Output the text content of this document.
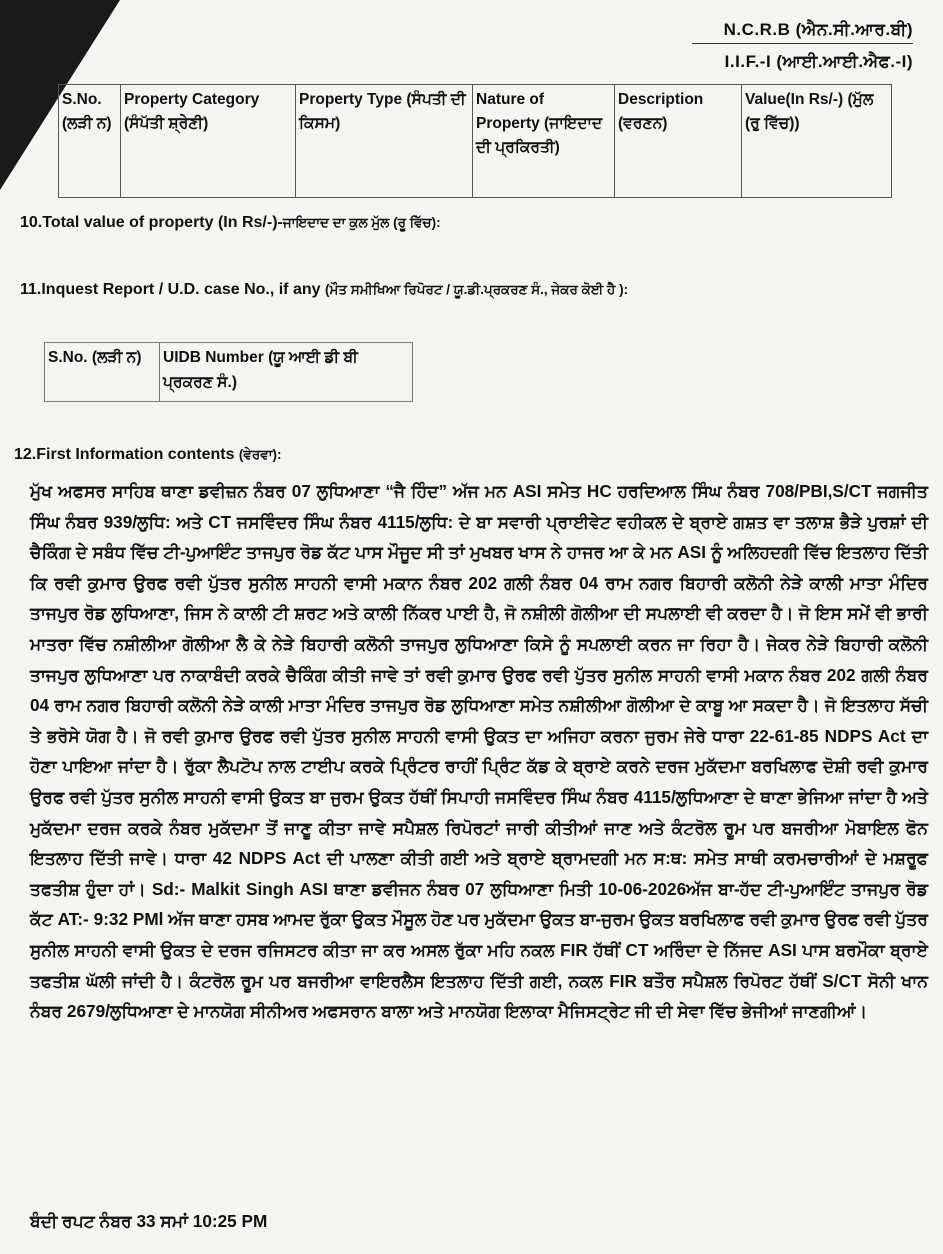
N.C.R.B (ਐਨ.ਸੀ.ਆਰ.ਬੀ)
I.I.F.-I (ਆਈ.ਆਈ.ਐਫ.-I)
S.No. (ਲੜੀ ਨ)	Property Category (ਸੰਪੱਤੀ ਸ਼੍ਰੇਣੀ)	Property Type (ਸੰਪਤੀ ਦੀ ਕਿਸਮ)	Nature of Property (ਜਾਇਦਾਦ ਦੀ ਪ੍ਰਕਿਰਤੀ)	Description (ਵਰਣਨ)	Value(In Rs/-) (ਮੁੱਲ (ਰੁ ਵਿੱਚ))
10.Total value of property (In Rs/-)-ਜਾਇਦਾਦ ਦਾ ਕੁਲ ਮੁੱਲ (ਰੂ ਵਿੱਚ):
11.Inquest Report / U.D. case No., if any (ਮੌਤ ਸਮੀਖਿਆ ਰਿਪੋਰਟ / ਯੂ.ਡੀ.ਪ੍ਰਕਰਣ ਸੰ., ਜੇਕਰ ਕੋਈ ਹੈ ):
S.No. (ਲੜੀ ਨ)	UIDB Number (ਯੂ ਆਈ ਡੀ ਬੀ ਪ੍ਰਕਰਣ ਸੰ.)
12.First Information contents (ਵੇਰਵਾ):
ਮੁੱਖ ਅਫਸਰ ਸਾਹਿਬ ਥਾਣਾ ਡਵੀਜ਼ਨ ਨੰਬਰ 07 ਲੁਧਿਆਣਾ “ਜੈ ਹਿੰਦ” ਅੱਜ ਮਨ ASI ਸਮੇਤ HC ਹਰਦਿਆਲ ਸਿੰਘ ਨੰਬਰ 708/PBI,S/CT ਜਗਜੀਤ ਸਿੰਘ ਨੰਬਰ 939/ਲੁਧਿ: ਅਤੇ CT ਜਸਵਿੰਦਰ ਸਿੰਘ ਨੰਬਰ 4115/ਲੁਧਿ: ਦੇ ਬਾ ਸਵਾਰੀ ਪ੍ਰਾਈਵੇਟ ਵਹੀਕਲ ਦੇ ਬ੍ਰਾਏ ਗਸ਼ਤ ਵਾ ਤਲਾਸ਼ ਭੈੜੇ ਪੁਰਸ਼ਾਂ ਦੀ ਚੈਕਿੰਗ ਦੇ ਸਬੰਧ ਵਿੱਚ ਟੀ-ਪੁਆਇੰਟ ਤਾਜਪੁਰ ਰੋਡ ਕੱਟ ਪਾਸ ਮੌਜੂਦ ਸੀ ਤਾਂ ਮੁਖਬਰ ਖਾਸ ਨੇ ਹਾਜਰ ਆ ਕੇ ਮਨ ASI ਨੂੰ ਅਲਿਹਦਗੀ ਵਿੱਚ ਇਤਲਾਹ ਦਿੱਤੀ ਕਿ ਰਵੀ ਕੁਮਾਰ ਉਰਫ ਰਵੀ ਪੁੱਤਰ ਸੁਨੀਲ ਸਾਹਨੀ ਵਾਸੀ ਮਕਾਨ ਨੰਬਰ 202 ਗਲੀ ਨੰਬਰ 04 ਰਾਮ ਨਗਰ ਬਿਹਾਰੀ ਕਲੋਨੀ ਨੇੜੇ ਕਾਲੀ ਮਾਤਾ ਮੰਦਿਰ ਤਾਜਪੁਰ ਰੋਡ ਲੁਧਿਆਣਾ, ਜਿਸ ਨੇ ਕਾਲੀ ਟੀ ਸ਼ਰਟ ਅਤੇ ਕਾਲੀ ਨਿੱਕਰ ਪਾਈ ਹੈ, ਜੋ ਨਸ਼ੀਲੀ ਗੋਲੀਆ ਦੀ ਸਪਲਾਈ ਵੀ ਕਰਦਾ ਹੈ। ਜੋ ਇਸ ਸਮੇਂ ਵੀ ਭਾਰੀ ਮਾਤਰਾ ਵਿੱਚ ਨਸ਼ੀਲੀਆ ਗੋਲੀਆ ਲੈ ਕੇ ਨੇੜੇ ਬਿਹਾਰੀ ਕਲੋਨੀ ਤਾਜਪੁਰ ਲੁਧਿਆਣਾ ਕਿਸੇ ਨੂੰ ਸਪਲਾਈ ਕਰਨ ਜਾ ਰਿਹਾ ਹੈ। ਜੇਕਰ ਨੇੜੇ ਬਿਹਾਰੀ ਕਲੋਨੀ ਤਾਜਪੁਰ ਲੁਧਿਆਣਾ ਪਰ ਨਾਕਾਬੰਦੀ ਕਰਕੇ ਚੈਕਿੰਗ ਕੀਤੀ ਜਾਵੇ ਤਾਂ ਰਵੀ ਕੁਮਾਰ ਉਰਫ ਰਵੀ ਪੁੱਤਰ ਸੁਨੀਲ ਸਾਹਨੀ ਵਾਸੀ ਮਕਾਨ ਨੰਬਰ 202 ਗਲੀ ਨੰਬਰ 04 ਰਾਮ ਨਗਰ ਬਿਹਾਰੀ ਕਲੋਨੀ ਨੇੜੇ ਕਾਲੀ ਮਾਤਾ ਮੰਦਿਰ ਤਾਜਪੁਰ ਰੋਡ ਲੁਧਿਆਣਾ ਸਮੇਤ ਨਸ਼ੀਲੀਆ ਗੋਲੀਆ ਦੇ ਕਾਬੂ ਆ ਸਕਦਾ ਹੈ। ਜੋ ਇਤਲਾਹ ਸੱਚੀ ਤੇ ਭਰੋਸੇ ਯੋਗ ਹੈ। ਜੋ ਰਵੀ ਕੁਮਾਰ ਉਰਫ ਰਵੀ ਪੁੱਤਰ ਸੁਨੀਲ ਸਾਹਨੀ ਵਾਸੀ ਉਕਤ ਦਾ ਅਜਿਹਾ ਕਰਨਾ ਜੁਰਮ ਜੇਰੇ ਧਾਰਾ 22-61-85 NDPS Act ਦਾ ਹੋਣਾ ਪਾਇਆ ਜਾਂਦਾ ਹੈ। ਰੁੱਕਾ ਲੈਪਟੋਪ ਨਾਲ ਟਾਈਪ ਕਰਕੇ ਪ੍ਰਿੰਟਰ ਰਾਹੀਂ ਪ੍ਰਿੰਟ ਕੱਡ ਕੇ ਬ੍ਰਾਏ ਕਰਨੇ ਦਰਜ ਮੁਕੱਦਮਾ ਬਰਖਿਲਾਫ ਦੋਸ਼ੀ ਰਵੀ ਕੁਮਾਰ ਉਰਫ ਰਵੀ ਪੁੱਤਰ ਸੁਨੀਲ ਸਾਹਨੀ ਵਾਸੀ ਉਕਤ ਬਾ ਜੁਰਮ ਉਕਤ ਹੱਥੀਂ ਸਿਪਾਹੀ ਜਸਵਿੰਦਰ ਸਿੰਘ ਨੰਬਰ 4115/ਲੁਧਿਆਣਾ ਦੇ ਥਾਣਾ ਭੇਜਿਆ ਜਾਂਦਾ ਹੈ ਅਤੇ ਮੁਕੱਦਮਾ ਦਰਜ ਕਰਕੇ ਨੰਬਰ ਮੁਕੱਦਮਾ ਤੋਂ ਜਾਣੂ ਕੀਤਾ ਜਾਵੇ ਸਪੈਸ਼ਲ ਰਿਪੋਰਟਾਂ ਜਾਰੀ ਕੀਤੀਆਂ ਜਾਣ ਅਤੇ ਕੰਟਰੋਲ ਰੂਮ ਪਰ ਬਜਰੀਆ ਮੋਬਾਇਲ ਫੋਨ ਇਤਲਾਹ ਦਿੱਤੀ ਜਾਵੇ। ਧਾਰਾ 42 NDPS Act ਦੀ ਪਾਲਣਾ ਕੀਤੀ ਗਈ ਅਤੇ ਬ੍ਰਾਏ ਬ੍ਰਾਮਦਗੀ ਮਨ ਸ:ਥ: ਸਮੇਤ ਸਾਥੀ ਕਰਮਚਾਰੀਆਂ ਦੇ ਮਸ਼ਰੂਫ ਤਫਤੀਸ਼ ਹੁੰਦਾ ਹਾਂ। Sd:- Malkit Singh ASI ਥਾਣਾ ਡਵੀਜਨ ਨੰਬਰ 07 ਲੁਧਿਆਣਾ ਮਿਤੀ 10-06-2026ਅੱਜ ਬਾ-ਹੱਦ ਟੀ-ਪੁਆਇੰਟ ਤਾਜਪੁਰ ਰੋਡ ਕੱਟ AT:- 9:32 PMl ਅੱਜ ਥਾਣਾ ਹਸਬ ਆਮਦ ਰੁੱਕਾ ਉਕਤ ਮੌਸੂਲ ਹੋਣ ਪਰ ਮੁਕੱਦਮਾ ਉਕਤ ਬਾ-ਜੁਰਮ ਉਕਤ ਬਰਖਿਲਾਫ ਰਵੀ ਕੁਮਾਰ ਉਰਫ ਰਵੀ ਪੁੱਤਰ ਸੁਨੀਲ ਸਾਹਨੀ ਵਾਸੀ ਉਕਤ ਦੇ ਦਰਜ ਰਜਿਸਟਰ ਕੀਤਾ ਜਾ ਕਰ ਅਸਲ ਰੁੱਕਾ ਮਹਿ ਨਕਲ FIR ਹੱਥੀਂ CT ਅਰਿੰਦਾ ਦੇ ਨਿੱਜਦ ASI ਪਾਸ ਬਰਮੌਕਾ ਬ੍ਰਾਏ ਤਫਤੀਸ਼ ਘੱਲੀ ਜਾਂਦੀ ਹੈ। ਕੰਟਰੋਲ ਰੂਮ ਪਰ ਬਜਰੀਆ ਵਾਇਰਲੈਸ ਇਤਲਾਹ ਦਿੱਤੀ ਗਈ, ਨਕਲ FIR ਬਤੌਰ ਸਪੈਸ਼ਲ ਰਿਪੋਰਟ ਹੱਥੀਂ S/CT ਸੋਨੀ ਖਾਨ ਨੰਬਰ 2679/ਲੁਧਿਆਣਾ ਦੇ ਮਾਨਯੋਗ ਸੀਨੀਅਰ ਅਫਸਰਾਨ ਬਾਲਾ ਅਤੇ ਮਾਨਯੋਗ ਇਲਾਕਾ ਮੈਜਿਸਟ੍ਰੇਟ ਜੀ ਦੀ ਸੇਵਾ ਵਿੱਚ ਭੇਜੀਆਂ ਜਾਣਗੀਆਂ।
ਬੰਦੀ ਰਪਟ ਨੰਬਰ 33 ਸਮਾਂ 10:25 PM
